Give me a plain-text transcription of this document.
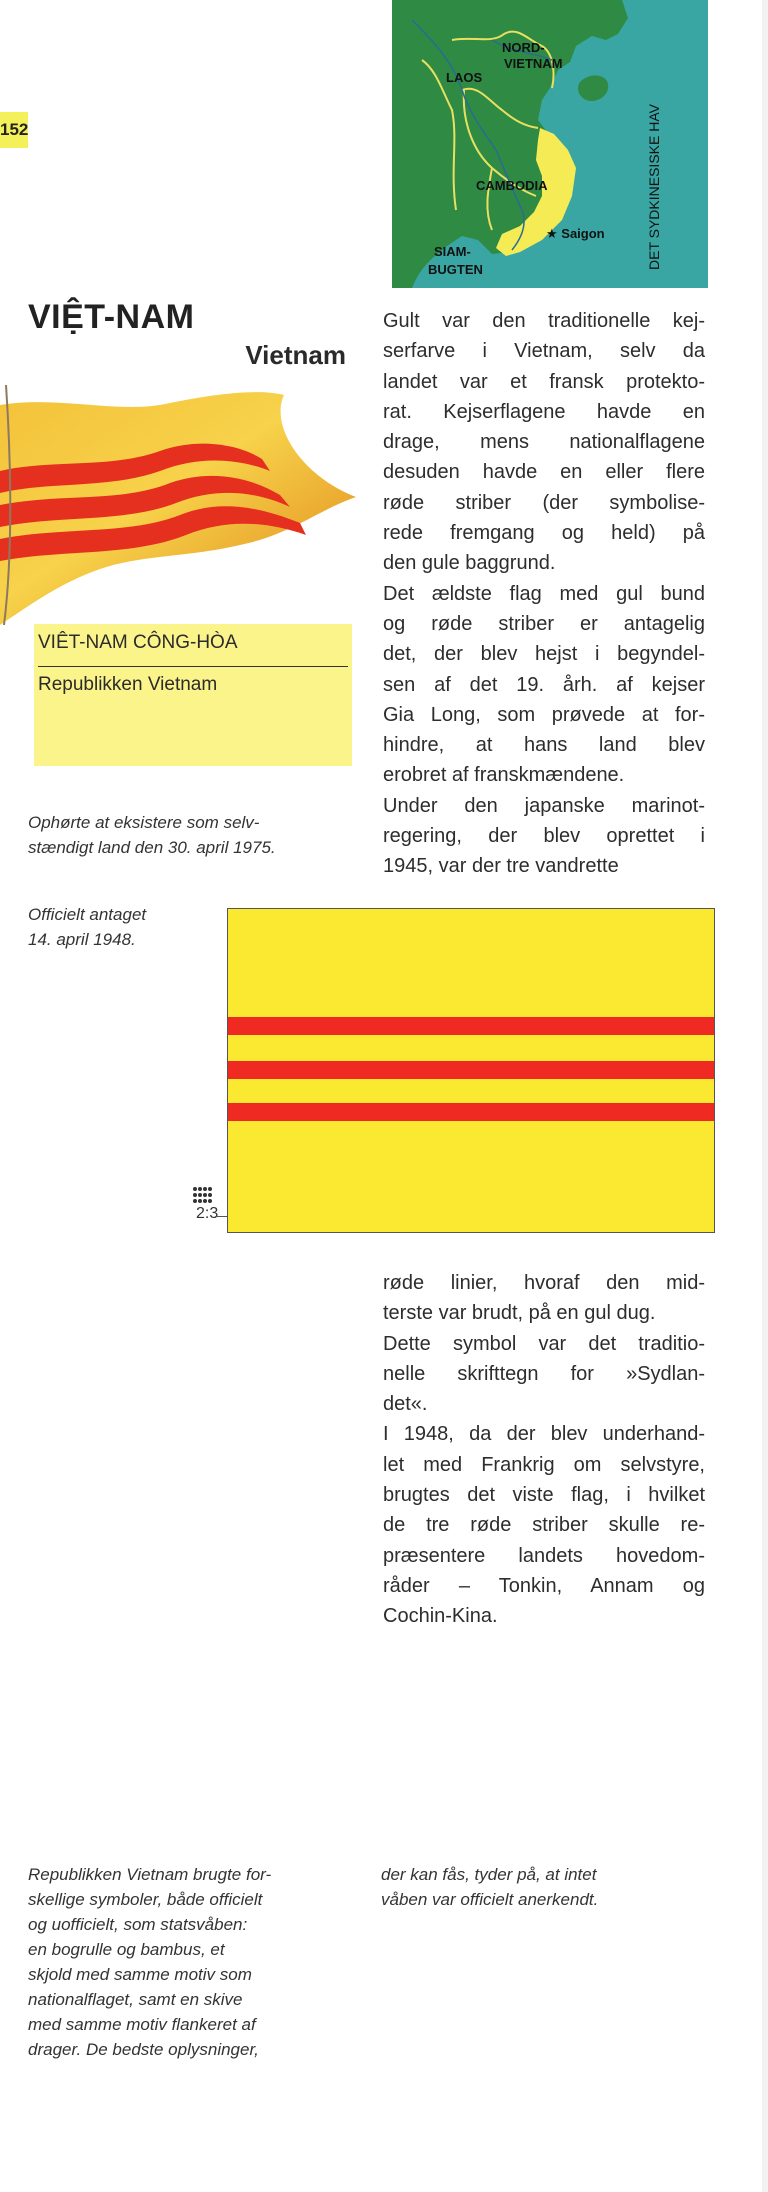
152
NORD-
VIETNAM
LAOS
CAMBODIA
★ Saigon
SIAM-
BUGTEN	DET SYDKINESISKE HAV
VIỆT-NAM
Vietnam
VIÊT-NAM CÔNG-HÒA
Republikken Vietnam
Ophørte at eksistere som selv-
stændigt land den 30. april 1975.
Officielt antaget
14. april 1948.
Gult var den traditionelle kej-
serfarve i Vietnam, selv da
landet var et fransk protekto-
rat. Kejserflagene havde en
drage, mens nationalflagene
desuden havde en eller flere
røde striber (der symbolise-
rede fremgang og held) på
den gule baggrund.
Det ældste flag med gul bund
og røde striber er antagelig
det, der blev hejst i begyndel-
sen af det 19. årh. af kejser
Gia Long, som prøvede at for-
hindre, at hans land blev
erobret af franskmændene.
Under den japanske marinot-
regering, der blev oprettet i
1945, var der tre vandrette
2:3
røde linier, hvoraf den mid-
terste var brudt, på en gul dug.
Dette symbol var det traditio-
nelle skrifttegn for »Sydlan-
det«.
I 1948, da der blev underhand-
let med Frankrig om selvstyre,
brugtes det viste flag, i hvilket
de tre røde striber skulle re-
præsentere landets hovedom-
råder – Tonkin, Annam og
Cochin-Kina.
Republikken Vietnam brugte for-
skellige symboler, både officielt
og uofficielt, som statsvåben:
en bogrulle og bambus, et
skjold med samme motiv som
nationalflaget, samt en skive
med samme motiv flankeret af
drager. De bedste oplysninger,
der kan fås, tyder på, at intet
våben var officielt anerkendt.
